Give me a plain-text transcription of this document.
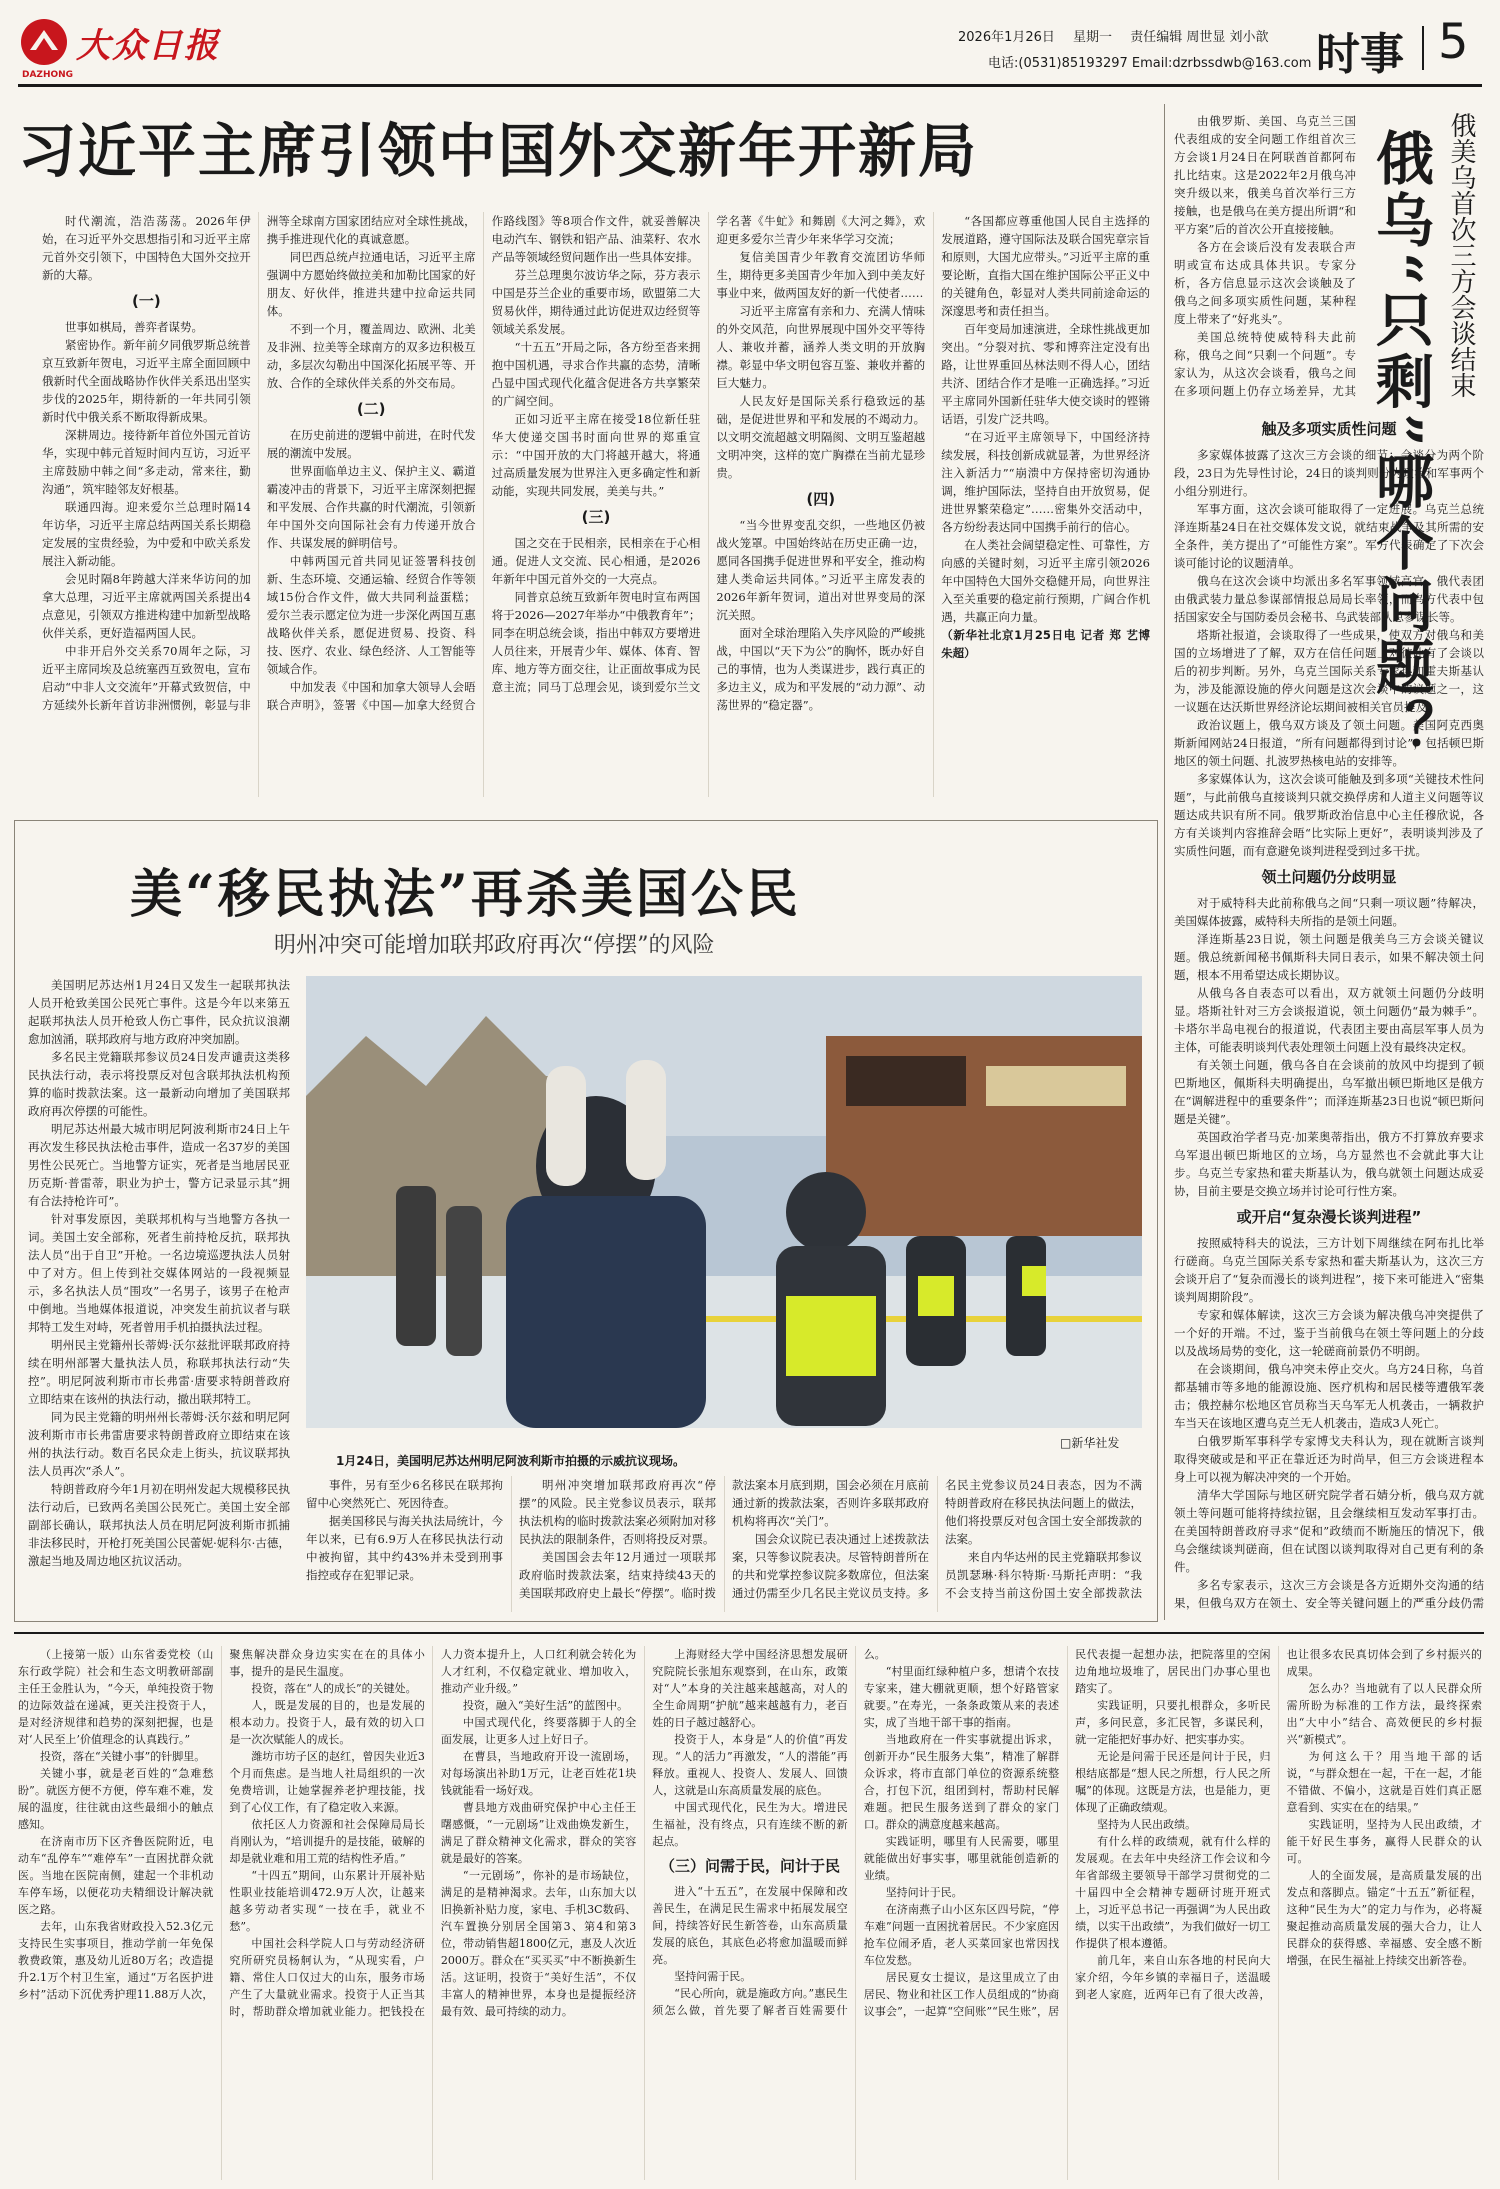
大众日报
DAZHONG
2026年1月26日 星期一 责任编辑 周世显 刘小歆
电话:(0531)85193297 Email:dzrbssdwb@163.com 时事 5
习近平主席引领中国外交新年开新局

时代潮流，浩浩荡荡。2026年伊始，在习近平外交思想指引和习近平主席元首外交引领下，中国特色大国外交拉开新的大幕。

(一)

世事如棋局，善弈者谋势。

紧密协作。新年前夕同俄罗斯总统普京互致新年贺电，习近平主席全面回顾中俄新时代全面战略协作伙伴关系迅出坚实步伐的2025年，期待新的一年共同引领新时代中俄关系不断取得新成果。

深耕周边。接待新年首位外国元首访华，实现中韩元首短时间内互访，习近平主席鼓励中韩之间“多走动，常来往，勤沟通”，筑牢睦邻友好根基。

联通四海。迎来爱尔兰总理时隔14年访华，习近平主席总结两国关系长期稳定发展的宝贵经验，为中爱和中欧关系发展注入新动能。

会见时隔8年跨越大洋来华访问的加拿大总理，习近平主席就两国关系提出4点意见，引领双方推进构建中加新型战略伙伴关系，更好造福两国人民。

中非开启外交关系70周年之际，习近平主席同埃及总统塞西互致贺电，宣布启动“中非人文交流年”开幕式致贺信，中方延续外长新年首访非洲惯例，彰显与非洲等全球南方国家团结应对全球性挑战，携手推进现代化的真诚意愿。

同巴西总统卢拉通电话，习近平主席强调中方愿始终做拉美和加勒比国家的好朋友、好伙伴，推进共建中拉命运共同体。

不到一个月，覆盖周边、欧洲、北美及非洲、拉美等全球南方的双多边积极互动，多层次勾勒出中国深化拓展平等、开放、合作的全球伙伴关系的外交布局。

(二)

在历史前进的逻辑中前进，在时代发展的潮流中发展。

世界面临单边主义、保护主义、霸道霸凌冲击的背景下，习近平主席深刻把握和平发展、合作共赢的时代潮流，引领新年中国外交向国际社会有力传递开放合作、共谋发展的鲜明信号。

中韩两国元首共同见证签署科技创新、生态环境、交通运输、经贸合作等领域15份合作文件，做大共同利益蛋糕；爱尔兰表示愿定位为进一步深化两国互惠战略伙伴关系，愿促进贸易、投资、科技、医疗、农业、绿色经济、人工智能等领域合作。

中加发表《中国和加拿大领导人会晤联合声明》，签署《中国—加拿大经贸合作路线图》等8项合作文件，就妥善解决电动汽车、钢铁和铝产品、油菜籽、农水产品等领域经贸问题作出一些具体安排。

芬兰总理奥尔波访华之际，芬方表示中国是芬兰企业的重要市场，欧盟第二大贸易伙伴，期待通过此访促进双边经贸等领域关系发展。

“十五五”开局之际，各方纷至沓来拥抱中国机遇，寻求合作共赢的态势，清晰凸显中国式现代化蕴含促进各方共享繁荣的广阔空间。

正如习近平主席在接受18位新任驻华大使递交国书时面向世界的郑重宣示：“中国开放的大门将越开越大，将通过高质量发展为世界注入更多确定性和新动能，实现共同发展，美美与共。”

(三)

国之交在于民相亲，民相亲在于心相通。促进人文交流、民心相通，是2026年新年中国元首外交的一大亮点。

同普京总统互致新年贺电时宣布两国将于2026—2027年举办“中俄教育年”；同李在明总统会谈，指出中韩双方要增进人员往来，开展青少年、媒体、体育、智库、地方等方面交往，让正面故事成为民意主流；同马丁总理会见，谈到爱尔兰文学名著《牛虻》和舞剧《大河之舞》，欢迎更多爱尔兰青少年来华学习交流；

复信美国青少年教育交流团访华师生，期待更多美国青少年加入到中美友好事业中来，做两国友好的新一代使者……

习近平主席富有亲和力、充满人情味的外交风范，向世界展现中国外交平等待人、兼收并蓄，涵养人类文明的开放胸襟。彰显中华文明包容互鉴、兼收并蓄的巨大魅力。

人民友好是国际关系行稳致远的基础，是促进世界和平和发展的不竭动力。以文明交流超越文明隔阂、文明互鉴超越文明冲突，这样的宽广胸襟在当前尤显珍贵。

(四)

“当今世界变乱交织，一些地区仍被战火笼罩。中国始终站在历史正确一边，愿同各国携手促进世界和平安全，推动构建人类命运共同体。”习近平主席发表的2026年新年贺词，道出对世界变局的深沉关照。

面对全球治理陷入失序风险的严峻挑战，中国以“天下为公”的胸怀，既办好自己的事情，也为人类谋进步，践行真正的多边主义，成为和平发展的“动力源”、动荡世界的“稳定器”。

“各国都应尊重他国人民自主选择的发展道路，遵守国际法及联合国宪章宗旨和原则，大国尤应带头。”习近平主席的重要论断，直指大国在维护国际公平正义中的关键角色，彰显对人类共同前途命运的深邃思考和责任担当。

百年变局加速演进，全球性挑战更加突出。“分裂对抗、零和博弈注定没有出路，让世界重回丛林法则不得人心，团结共济、团结合作才是唯一正确选择。”习近平主席同外国新任驻华大使交谈时的铿锵话语，引发广泛共鸣。

“在习近平主席领导下，中国经济持续发展，科技创新成就显著，为世界经济注入新活力”“崩溃中方保持密切沟通协调，维护国际法，坚持自由开放贸易，促进世界繁荣稳定”……密集外交活动中，各方纷纷表达同中国携手前行的信心。

在人类社会阔望稳定性、可靠性，方向感的关键时刻，习近平主席引领2026年中国特色大国外交稳健开局，向世界注入至关重要的稳定前行预期，广阔合作机遇，共赢正向力量。

（新华社北京1月25日电 记者 郑 艺博 朱超）

美“移民执法”再杀美国公民
明州冲突可能增加联邦政府再次“停摆”的风险

美国明尼苏达州1月24日又发生一起联邦执法人员开枪致美国公民死亡事件。这是今年以来第五起联邦执法人员开枪致人伤亡事件，民众抗议浪潮愈加汹涌，联邦政府与地方政府冲突加剧。

多名民主党籍联邦参议员24日发声谴责这类移民执法行动，表示将投票反对包含联邦执法机构预算的临时拨款法案。这一最新动向增加了美国联邦政府再次停摆的可能性。

明尼苏达州最大城市明尼阿波利斯市24日上午再次发生移民执法枪击事件，造成一名37岁的美国男性公民死亡。当地警方证实，死者是当地居民亚历克斯·普雷蒂，职业为护士，警方记录显示其“拥有合法持枪许可”。

针对事发原因，美联邦机构与当地警方各执一词。美国土安全部称，死者生前持枪反抗，联邦执法人员“出于自卫”开枪。一名边境巡逻执法人员射中了对方。但上传到社交媒体网站的一段视频显示，多名执法人员“围攻”一名男子，该男子在枪声中倒地。当地媒体报道说，冲突发生前抗议者与联邦特工发生对峙，死者曾用手机拍摄执法过程。

明州民主党籍州长蒂姆·沃尔兹批评联邦政府持续在明州部署大量执法人员，称联邦执法行动“失控”。明尼阿波利斯市市长弗雷·唐要求特朗普政府立即结束在该州的执法行动，撤出联邦特工。

同为民主党籍的明州州长蒂姆·沃尔兹和明尼阿波利斯市市长弗雷唐要求特朗普政府立即结束在该州的执法行动。数百名民众走上街头，抗议联邦执法人员再次“杀人”。

特朗普政府今年1月初在明州发起大规模移民执法行动后，已致两名美国公民死亡。美国土安全部副部长确认，联邦执法人员在明尼阿波利斯市抓捕非法移民时，开枪打死美国公民蕾妮·妮科尔·古德，激起当地及周边地区抗议活动。

□新华社发
1月24日，美国明尼苏达州明尼阿波利斯市拍摄的示威抗议现场。

事件，另有至少6名移民在联邦拘留中心突然死亡、死因待查。

据美国移民与海关执法局统计，今年以来，已有6.9万人在移民执法行动中被拘留，其中约43%并未受到刑事指控或存在犯罪记录。

明州冲突增加联邦政府再次“停摆”的风险。民主党参议员表示，联邦执法机构的临时拨款法案必须附加对移民执法的限制条件，否则将投反对票。

美国国会去年12月通过一项联邦政府临时拨款法案，结束持续43天的美国联邦政府史上最长“停摆”。临时拨款法案本月底到期，国会必须在月底前通过新的拨款法案，否则许多联邦政府机构将再次“关门”。

国会众议院已表决通过上述拨款法案，只等参议院表决。尽管特朗普所在的共和党掌控参议院多数席位，但法案通过仍需至少几名民主党议员支持。多名民主党参议员24日表态，因为不满特朗普政府在移民执法问题上的做法，他们将投票反对包含国土安全部拨款的法案。

来自内华达州的民主党籍联邦参议员凯瑟琳·科尔特斯·马斯托声明：“我不会支持当前这份国土安全部拨款法

俄美乌首次三方会谈结束
俄乌“只剩”哪个问题？

由俄罗斯、美国、乌克兰三国代表组成的安全问题工作组首次三方会谈1月24日在阿联酋首都阿布扎比结束。这是2022年2月俄乌冲突升级以来，俄美乌首次举行三方接触，也是俄乌在美方提出所谓“和平方案”后的首次公开直接接触。

各方在会谈后没有发表联合声明或宣布达成具体共识。专家分析，各方信息显示这次会谈触及了俄乌之间多项实质性问题，某种程度上带来了“好兆头”。

美国总统特使威特科夫此前称，俄乌之间“只剩一个问题”。专家认为，从这次会谈看，俄乌之间在多项问题上仍存立场差异，尤其

触及多项实质性问题

多家媒体披露了这次三方会谈的细节：会谈分为两个阶段，23日为先导性讨论，24日的谈判则分为政治和军事两个小组分别进行。

军事方面，这次会谈可能取得了一定进展。乌克兰总统泽连斯基24日在社交媒体发文说，就结束战争及其所需的安全条件，美方提出了“可能性方案”。军方代表确定了下次会谈可能讨论的议题清单。

俄乌在这次会谈中均派出多名军事领域高官。俄代表团由俄武装力量总参谋部情报总局局长率领，而乌方代表中包括国家安全与国防委员会秘书、乌武装部队总参谋长等。

塔斯社报道，会谈取得了一些成果，使双方对俄乌和美国的立场增进了了解，双方在信任问题上对彼此有了会谈以后的初步判断。另外，乌克兰国际关系专家热和霍夫斯基认为，涉及能源设施的停火问题是这次会谈中的议题之一，这一议题在达沃斯世界经济论坛期间被相关官员提及。

政治议题上，俄乌双方谈及了领土问题。美国阿克西奥斯新闻网站24日报道，“所有问题都得到讨论”，包括顿巴斯地区的领土问题、扎波罗热核电站的安排等。

多家媒体认为，这次会谈可能触及到多项“关键技术性问题”，与此前俄乌直接谈判只就交换俘虏和人道主义问题等议题达成共识有所不同。俄罗斯政治信息中心主任穆欣说，各方有关谈判内容推辞会晤“比实际上更好”，表明谈判涉及了实质性问题，而有意避免谈判进程受到过多干扰。

领土问题仍分歧明显

对于威特科夫此前称俄乌之间“只剩一项议题”待解决，美国媒体披露，威特科夫所指的是领土问题。

泽连斯基23日说，领土问题是俄美乌三方会谈关键议题。俄总统新闻秘书佩斯科夫同日表示，如果不解决领土问题，根本不用希望达成长期协议。

从俄乌各自表态可以看出，双方就领土问题仍分歧明显。塔斯社针对三方会谈报道说，领土问题仍“最为棘手”。卡塔尔半岛电视台的报道说，代表团主要由高层军事人员为主体，可能表明谈判代表处理领土问题上没有最终决定权。

有关领土问题，俄乌各自在会谈前的放风中均提到了顿巴斯地区，佩斯科夫明确提出，乌军撤出顿巴斯地区是俄方在“调解进程中的重要条件”；而泽连斯基23日也说“顿巴斯问题是关键”。

英国政治学者马克·加莱奥蒂指出，俄方不打算放弃要求乌军退出顿巴斯地区的立场，乌方显然也不会就此事大让步。乌克兰专家热和霍夫斯基认为，俄乌就领土问题达成妥协，目前主要是交换立场并讨论可行性方案。

或开启“复杂漫长谈判进程”

按照威特科夫的说法，三方计划下周继续在阿布扎比举行磋商。乌克兰国际关系专家热和霍夫斯基认为，这次三方会谈开启了“复杂而漫长的谈判进程”，接下来可能进入“密集谈判周期阶段”。

专家和媒体解读，这次三方会谈为解决俄乌冲突提供了一个好的开端。不过，鉴于当前俄乌在领土等问题上的分歧以及战场局势的变化，这一轮磋商前景仍不明朗。

在会谈期间，俄乌冲突未停止交火。乌方24日称，乌首都基辅市等多地的能源设施、医疗机构和居民楼等遭俄军袭击；俄控赫尔松地区官员称当天乌军无人机袭击，一辆救护车当天在该地区遭乌克兰无人机袭击，造成3人死亡。

白俄罗斯军事科学专家博戈夫科认为，现在就断言谈判取得突破或是和平正在靠近还为时尚早，但三方会谈进程本身上可以视为解决冲突的一个开始。

清华大学国际与地区研究院学者石婧分析，俄乌双方就领土等问题可能将持续拉锯，且会继续相互发动军事打击。在美国特朗普政府寻求“促和”政绩而不断施压的情况下，俄乌会继续谈判磋商，但在试图以谈判取得对自己更有利的条件。

多名专家表示，这次三方会谈是各方近期外交沟通的结果，但俄乌双方在领土、安全等关键问题上的严重分歧仍需

（上接第一版）山东省委党校（山东行政学院）社会和生态文明教研部副主任王金胜认为，“今天，单纯投资于物的边际效益在递减，更关注投资于人，是对经济规律和趋势的深刻把握，也是对‘人民至上’价值理念的认真践行。”

投资，落在“关键小事”的针脚里。

关键小事，就是老百姓的“急难愁盼”。就医方便不方便，停车难不难，发展的温度，往往就由这些最细小的触点感知。

在济南市历下区齐鲁医院附近，电动车“乱停车”“难停车”一直困扰群众就医。当地在医院南侧，建起一个非机动车停车场，以便花功夫精细设计解决就医之路。

去年，山东我省财政投入52.3亿元支持民生实事项目，推动学前一年免保教费政策，惠及幼儿近80万名；改造提升2.1万个村卫生室，通过“万名医护进乡村”活动下沉优秀护理11.88万人次，聚焦解决群众身边实实在在的具体小事，提升的是民生温度。

投资，落在“人的成长”的关键处。

人，既是发展的目的，也是发展的根本动力。投资于人，最有效的切入口是一次次赋能人的成长。

潍坊市坊子区的赵红，曾因失业近3个月而焦虑。是当地人社局组织的一次免费培训，让她掌握养老护理技能，找到了心仪工作，有了稳定收入来源。

依托区人力资源和社会保障局局长肖刚认为，“培训提升的是技能，破解的却是就业难和用工荒的结构性矛盾。”

“十四五”期间，山东累计开展补贴性职业技能培训472.9万人次，让越来越多劳动者实现“一技在手，就业不愁”。

中国社会科学院人口与劳动经济研究所研究员杨舸认为，“从现实看，户籍、常住人口仅过大的山东，服务市场产生了大量就业需求。投资于人正当其时，帮助群众增加就业能力。把钱投在人力资本提升上，人口红利就会转化为人才红利，不仅稳定就业、增加收入，推动产业升级。”

投资，融入“美好生活”的蓝图中。

中国式现代化，终要落脚于人的全面发展，让更多人过上好日子。

在曹县，当地政府开设一流剧场，对每场演出补助1万元，让老百姓花1块钱就能看一场好戏。

曹县地方戏曲研究保护中心主任王曙感慨，“一元剧场”让戏曲焕发新生，满足了群众精神文化需求，群众的笑容就是最好的答案。

“一元剧场”，你补的是市场缺位，满足的是精神渴求。去年，山东加大以旧换新补贴力度，家电、手机3C数码、汽车置换分别居全国第3、第4和第3位，带动销售超1800亿元，惠及人次近2000万。群众在“买买买”中不断换新生活。这证明，投资于“美好生活”，不仅丰富人的精神世界，本身也是提振经济最有效、最可持续的动力。

上海财经大学中国经济思想发展研究院院长张旭东观察到，在山东，政策对“人”本身的关注越来越越高，对人的全生命周期“护航”越来越越有力，老百姓的日子越过越舒心。

投资于人，本身是“人的价值”再发现。“人的活力”再激发，“人的潜能”再释放。重视人、投资人、发展人、回馈人，这就是山东高质量发展的底色。

中国式现代化，民生为大。增进民生福祉，没有终点，只有连续不断的新起点。

（三）问需于民，问计于民

进入“十五五”，在发展中保障和改善民生，在满足民生需求中拓展发展空间，持续答好民生新答卷，山东高质量发展的底色，其底色必将愈加温暖而鲜亮。

坚持问需于民。

“民心所向，就是施政方向。”惠民生须怎么做，首先要了解者百姓需要什么。

“村里面红绿种植户多，想请个农技专家来，建大棚就更顺，想个好路管家就要。”在寿光，一条条政策从来的表述实，成了当地干部干事的指南。

当地政府在一件实事就提出诉求，创新开办“民生服务大集”，精准了解群众诉求，将市直部门单位的资源系统整合，打包下沉，组团到村，帮助村民解难题。把民生服务送到了群众的家门口。群众的满意度越来越高。

实践证明，哪里有人民需要，哪里就能做出好事实事，哪里就能创造新的业绩。

坚持问计于民。

在济南燕子山小区东区四号院，“停车难”问题一直困扰着居民。不少家庭因抢车位闹矛盾，老人买菜回家也常因找车位发愁。

居民夏女士提议，是这里成立了由居民、物业和社区工作人员组成的“协商议事会”，一起算“空间账”“民生账”，居民代表提一起想办法，把院落里的空闲边角地垃圾堆了，居民出门办事心里也踏实了。

实践证明，只要扎根群众，多听民声，多问民意，多汇民智，多谋民利，就一定能把好事办好、把实事办实。

无论是问需于民还是问计于民，归根结底都是“想人民之所想，行人民之所嘱”的体现。这既是方法，也是能力，更体现了正确政绩观。

坚持为人民出政绩。

有什么样的政绩观，就有什么样的发展观。在去年中央经济工作会议和今年省部级主要领导干部学习贯彻党的二十届四中全会精神专题研讨班开班式上，习近平总书记一再强调“为人民出政绩，以实干出政绩”，为我们做好一切工作提供了根本遵循。

前几年，来自山东各地的村民向大家介绍，今年乡镇的幸福日子，送温暖到老人家庭，近两年已有了很大改善，也让很多农民真切体会到了乡村振兴的成果。

怎么办？当地就有了以人民群众所需所盼为标准的工作方法，最终探索出“大中小”结合、高效便民的乡村振兴“新模式”。

为何这么干？用当地干部的话说，“与群众想在一起，干在一起，才能不错做、不偏小，这就是百姓们真正愿意看到、实实在在的结果。”

实践证明，坚持为人民出政绩，才能干好民生事务，赢得人民群众的认可。

人的全面发展，是高质量发展的出发点和落脚点。锚定“十五五”新征程，这种“民生为大”的定力与作为，必将凝聚起推动高质量发展的强大合力，让人民群众的获得感、幸福感、安全感不断增强，在民生福祉上持续交出新答卷。
